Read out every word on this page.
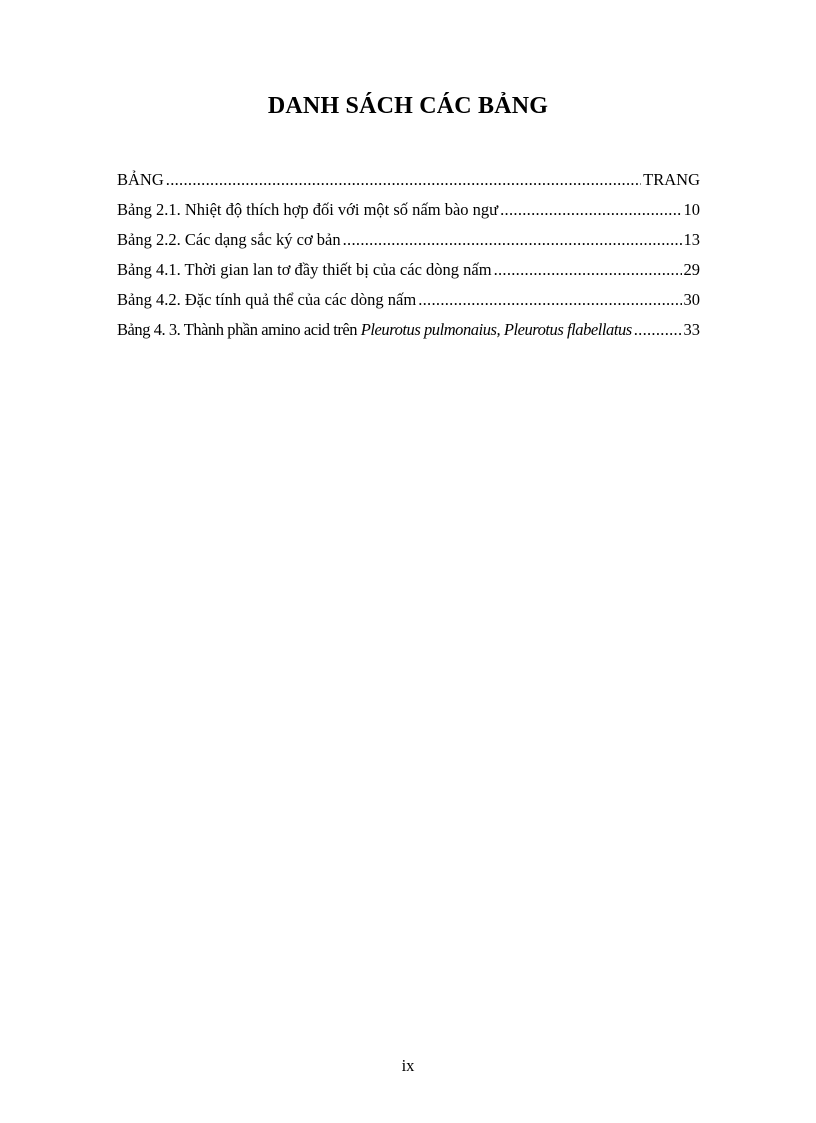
DANH SÁCH CÁC BẢNG
BẢNG .....	TRANG
Bảng 2.1. Nhiệt độ thích hợp đối với một số nấm bào ngư .....	10
Bảng 2.2. Các dạng sắc ký cơ bản .....	13
Bảng 4.1. Thời gian lan tơ đầy thiết bị của các dòng nấm .....	29
Bảng 4.2. Đặc tính quả thể của các dòng nấm .....	30
Bảng 4. 3. Thành phần amino acid trên Pleurotus pulmonaius, Pleurotus flabellatus .....	33
ix
